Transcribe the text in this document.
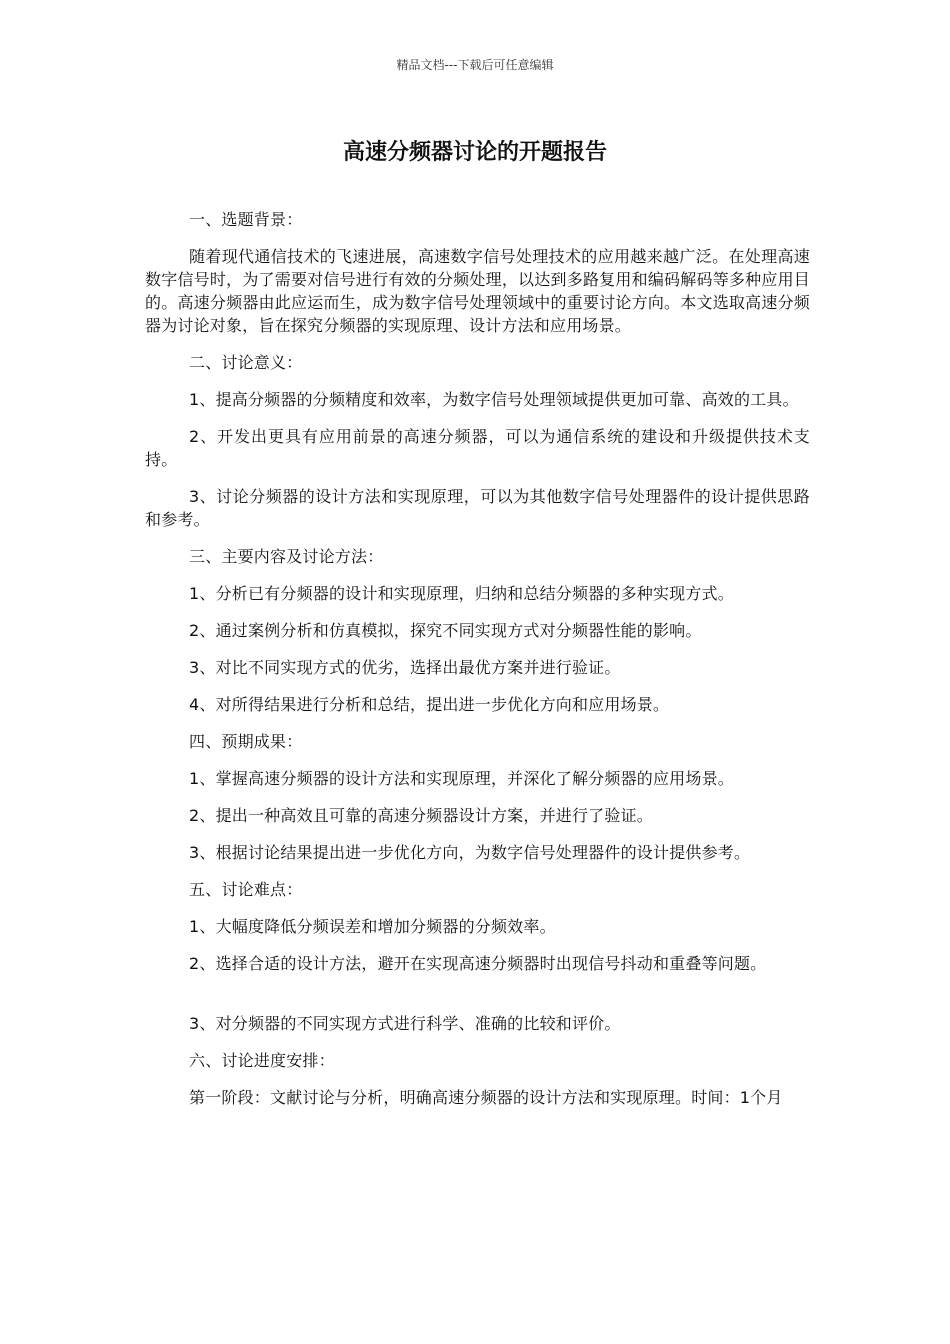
精品文档---下载后可任意编辑
高速分频器讨论的开题报告

一、选题背景：

随着现代通信技术的飞速进展，高速数字信号处理技术的应用越来越广泛。在处理高速数字信号时，为了需要对信号进行有效的分频处理，以达到多路复用和编码解码等多种应用目的。高速分频器由此应运而生，成为数字信号处理领域中的重要讨论方向。本文选取高速分频器为讨论对象，旨在探究分频器的实现原理、设计方法和应用场景。

二、讨论意义：

1、提高分频器的分频精度和效率，为数字信号处理领域提供更加可靠、高效的工具。

2、开发出更具有应用前景的高速分频器，可以为通信系统的建设和升级提供技术支持。

3、讨论分频器的设计方法和实现原理，可以为其他数字信号处理器件的设计提供思路和参考。

三、主要内容及讨论方法：

1、分析已有分频器的设计和实现原理，归纳和总结分频器的多种实现方式。

2、通过案例分析和仿真模拟，探究不同实现方式对分频器性能的影响。

3、对比不同实现方式的优劣，选择出最优方案并进行验证。

4、对所得结果进行分析和总结，提出进一步优化方向和应用场景。

四、预期成果：

1、掌握高速分频器的设计方法和实现原理，并深化了解分频器的应用场景。

2、提出一种高效且可靠的高速分频器设计方案，并进行了验证。

3、根据讨论结果提出进一步优化方向，为数字信号处理器件的设计提供参考。

五、讨论难点：

1、大幅度降低分频误差和增加分频器的分频效率。

2、选择合适的设计方法，避开在实现高速分频器时出现信号抖动和重叠等问题。

3、对分频器的不同实现方式进行科学、准确的比较和评价。

六、讨论进度安排：

第一阶段：文献讨论与分析，明确高速分频器的设计方法和实现原理。时间：1个月
